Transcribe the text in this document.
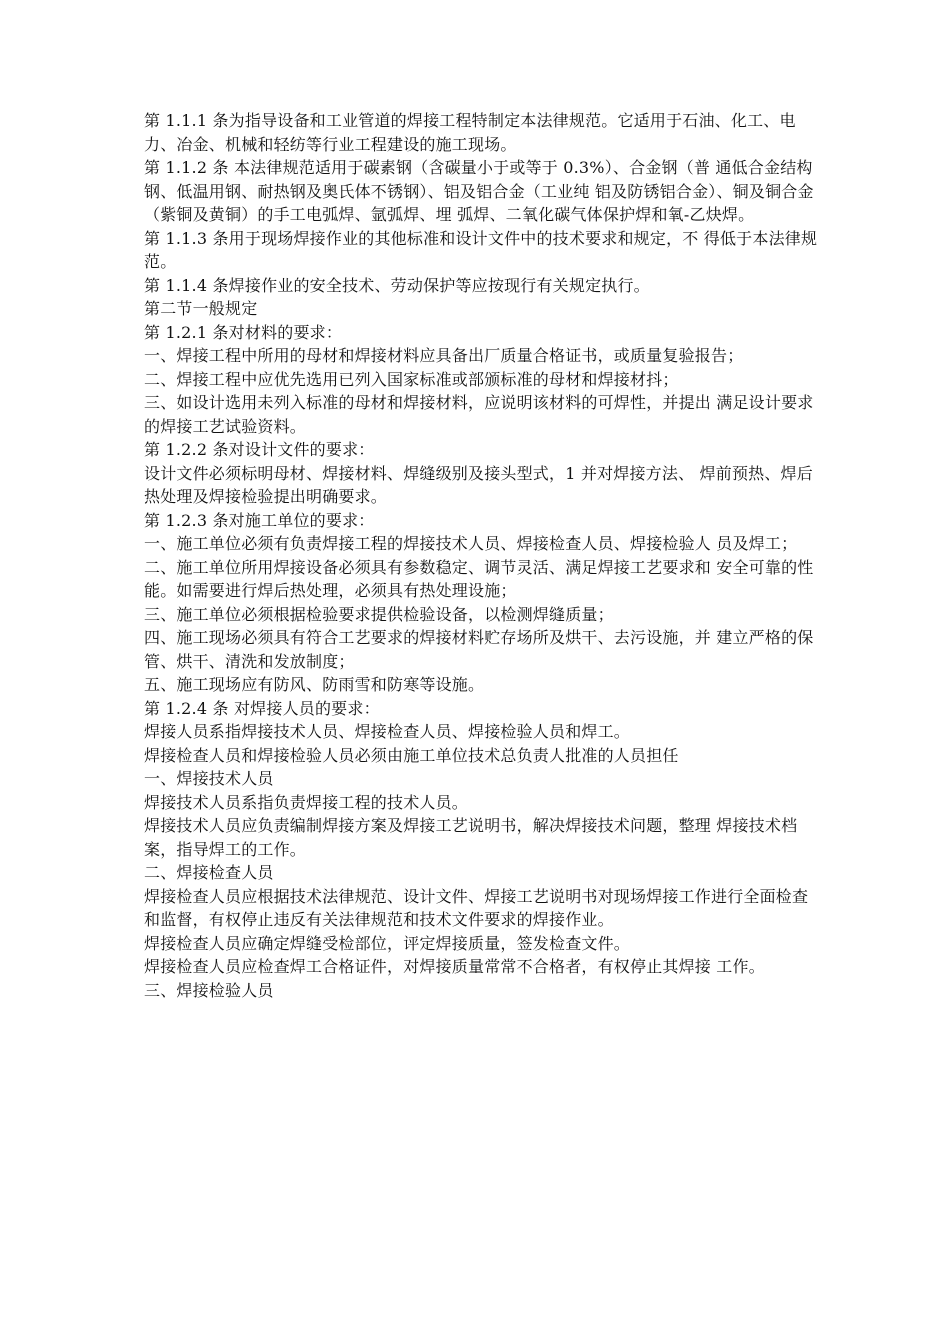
第 1.1.1 条为指导设备和工业管道的焊接工程特制定本法律规范。它适用于石油、化工、电力、冶金、机械和轻纺等行业工程建设的施工现场。

第 1.1.2 条 本法律规范适用于碳素钢（含碳量小于或等于 0.3%）、合金钢（普 通低合金结构钢、低温用钢、耐热钢及奥氏体不锈钢）、铝及铝合金（工业纯 铝及防锈铝合金）、铜及铜合金（紫铜及黄铜）的手工电弧焊、氩弧焊、埋 弧焊、二氧化碳气体保护焊和氧-乙炔焊。

第 1.1.3 条用于现场焊接作业的其他标准和设计文件中的技术要求和规定，不 得低于本法律规范。

第 1.1.4 条焊接作业的安全技术、劳动保护等应按现行有关规定执行。

第二节一般规定

第 1.2.1 条对材料的要求：

一、焊接工程中所用的母材和焊接材料应具备出厂质量合格证书，或质量复验报告；

二、焊接工程中应优先选用已列入国家标准或部颁标准的母材和焊接材抖；

三、如设计选用未列入标准的母材和焊接材料，应说明该材料的可焊性，并提出 满足设计要求的焊接工艺试验资料。

第 1.2.2 条对设计文件的要求：

设计文件必须标明母材、焊接材料、焊缝级别及接头型式，1 并对焊接方法、 焊前预热、焊后热处理及焊接检验提出明确要求。

第 1.2.3 条对施工单位的要求：

一、施工单位必须有负责焊接工程的焊接技术人员、焊接检查人员、焊接检验人 员及焊工；

二、施工单位所用焊接设备必须具有参数稳定、调节灵活、满足焊接工艺要求和 安全可靠的性能。如需要进行焊后热处理，必须具有热处理设施；

三、施工单位必须根据检验要求提供检验设备，以检测焊缝质量；

四、施工现场必须具有符合工艺要求的焊接材料贮存场所及烘干、去污设施，并 建立严格的保管、烘干、清洗和发放制度；

五、施工现场应有防风、防雨雪和防寒等设施。

第 1.2.4 条 对焊接人员的要求：

焊接人员系指焊接技术人员、焊接检查人员、焊接检验人员和焊工。

焊接检查人员和焊接检验人员必须由施工单位技术总负责人批准的人员担任

一、焊接技术人员

焊接技术人员系指负责焊接工程的技术人员。

焊接技术人员应负责编制焊接方案及焊接工艺说明书，解决焊接技术问题，整理 焊接技术档案，指导焊工的工作。

二、焊接检查人员

焊接检查人员应根据技术法律规范、设计文件、焊接工艺说明书对现场焊接工作进行全面检查和监督，有权停止违反有关法律规范和技术文件要求的焊接作业。

焊接检查人员应确定焊缝受检部位，评定焊接质量，签发检查文件。

焊接检查人员应检查焊工合格证件，对焊接质量常常不合格者，有权停止其焊接 工作。

三、焊接检验人员
